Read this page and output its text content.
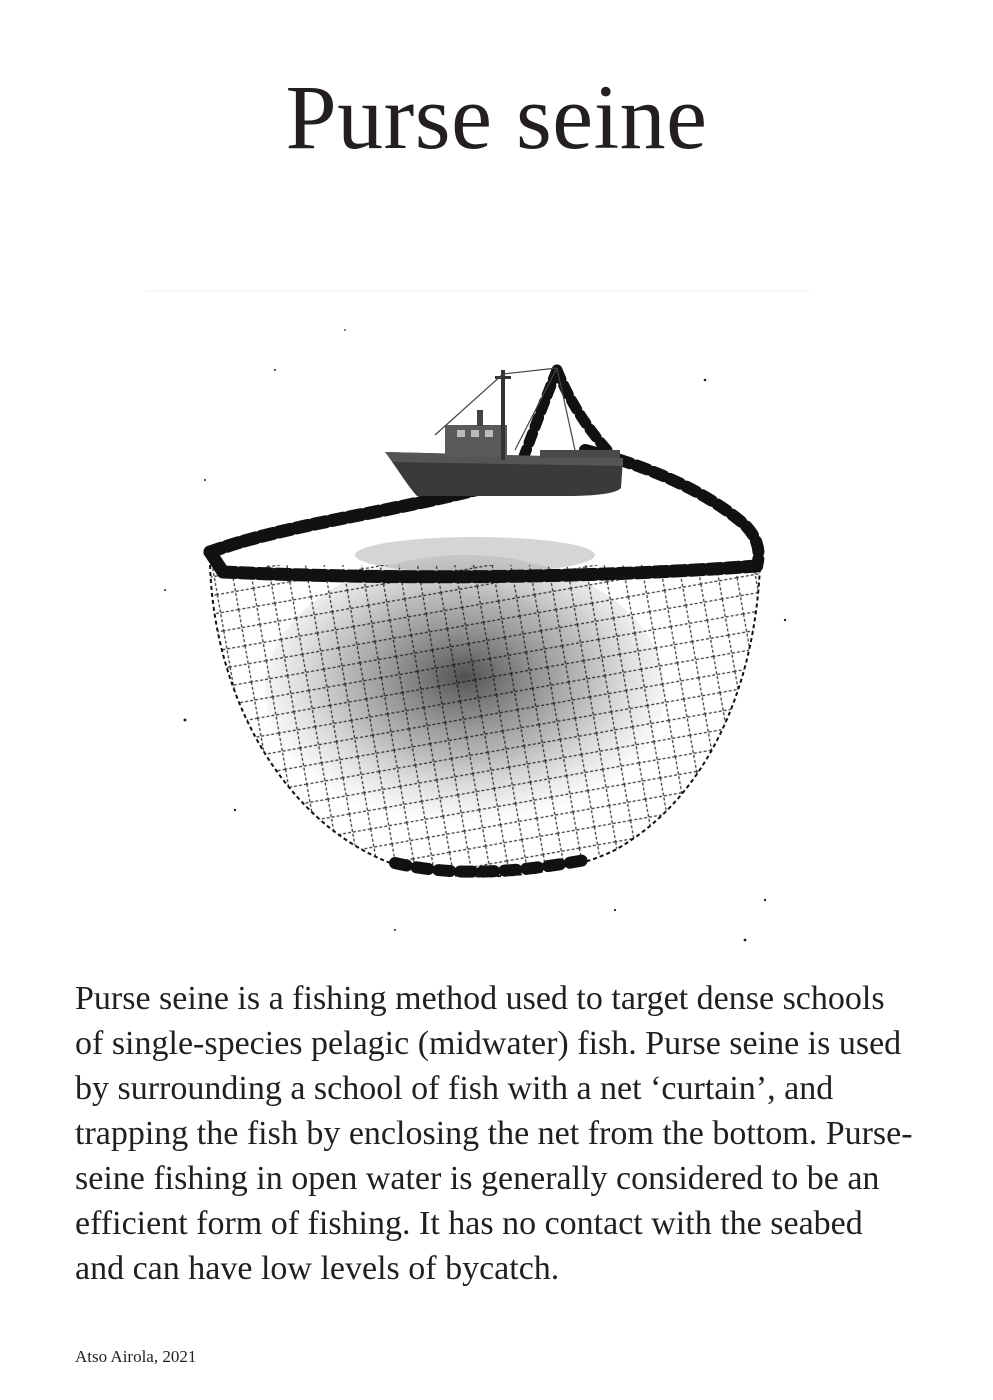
Purse seine

Purse seine is a fishing method used to target dense schools of single-species pelagic (midwater) fish. Purse seine is used by surrounding a school of fish with a net ‘curtain’, and trapping the fish by enclosing the net from the bottom. Purse-seine fishing in open water is generally considered to be an efficient form of fishing. It has no contact with the seabed and can have low levels of bycatch.

Atso Airola, 2021
